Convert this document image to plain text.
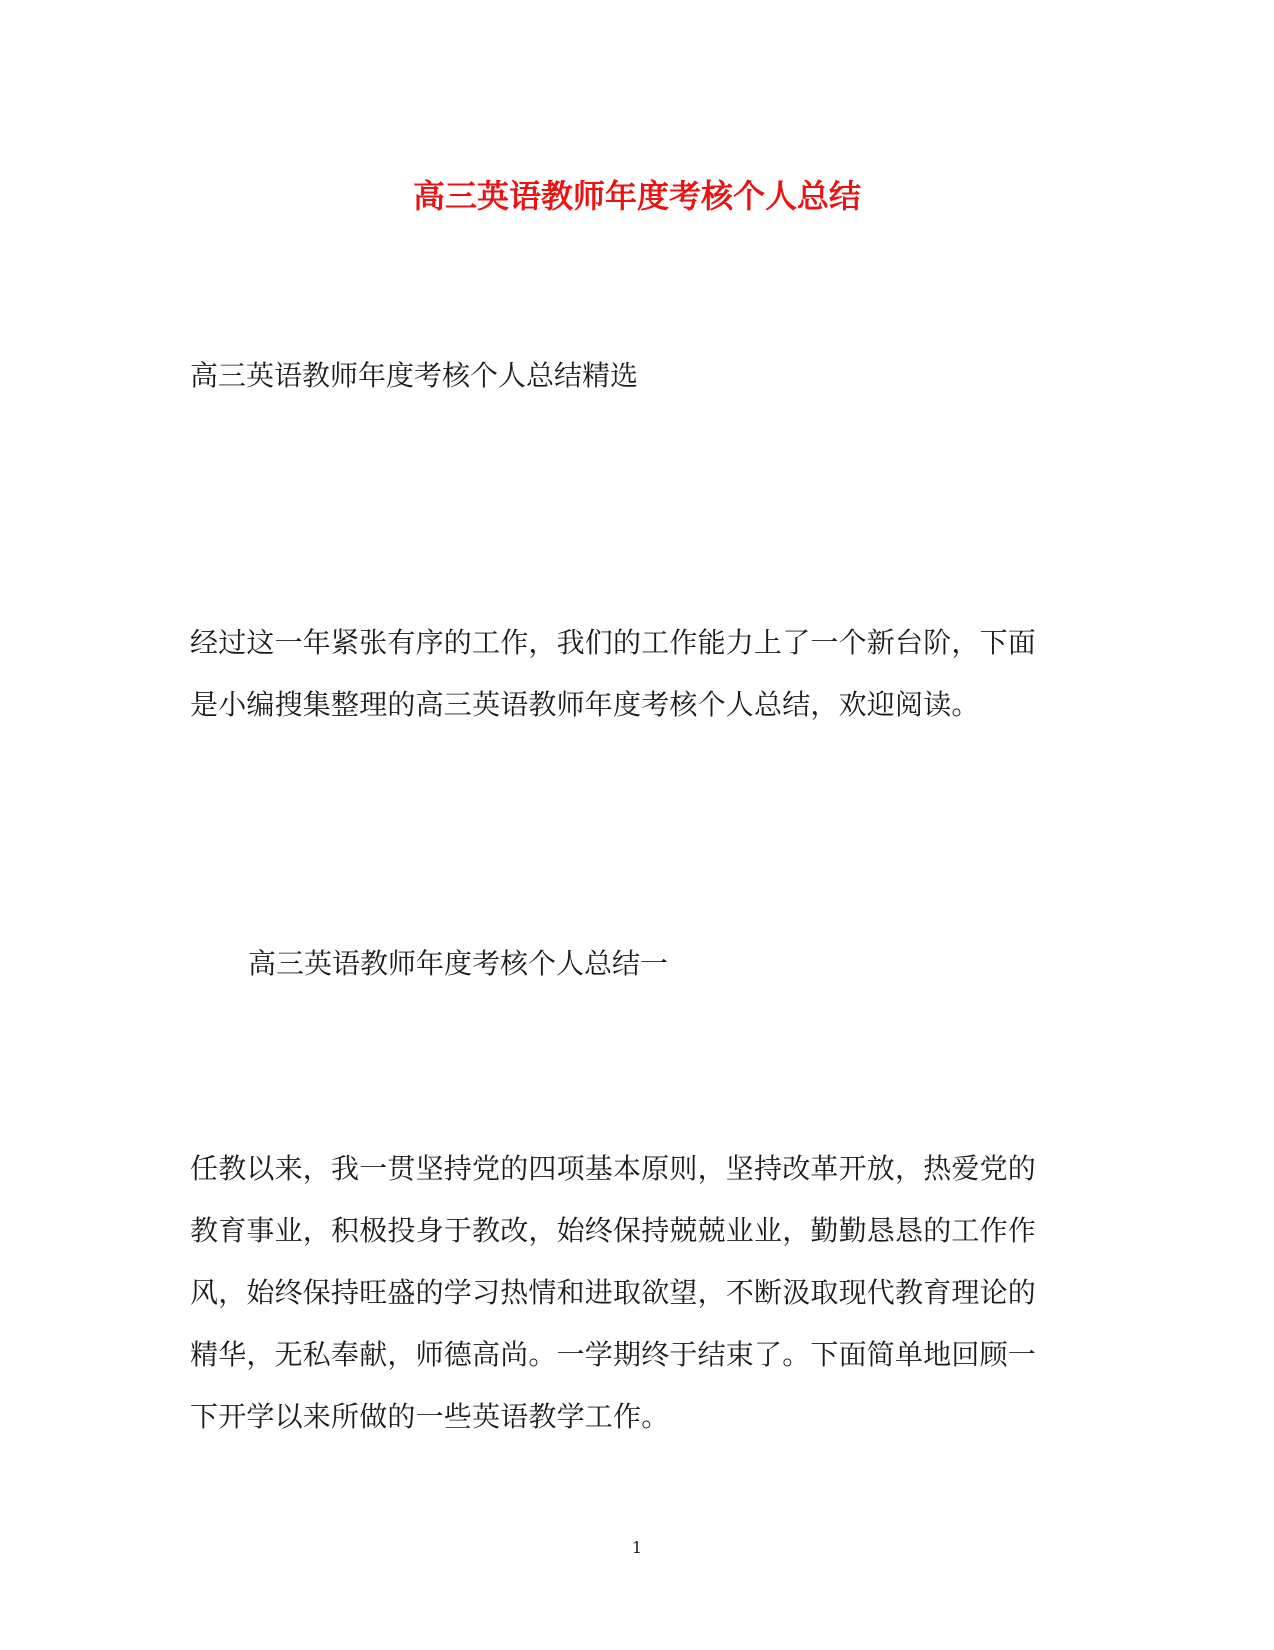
高三英语教师年度考核个人总结

高三英语教师年度考核个人总结精选

经过这一年紧张有序的工作，我们的工作能力上了一个新台阶，下面
是小编搜集整理的高三英语教师年度考核个人总结，欢迎阅读。

高三英语教师年度考核个人总结一

任教以来，我一贯坚持党的四项基本原则，坚持改革开放，热爱党的
教育事业，积极投身于教改，始终保持兢兢业业，勤勤恳恳的工作作
风，始终保持旺盛的学习热情和进取欲望，不断汲取现代教育理论的
精华，无私奉献，师德高尚。一学期终于结束了。下面简单地回顾一
下开学以来所做的一些英语教学工作。

1
